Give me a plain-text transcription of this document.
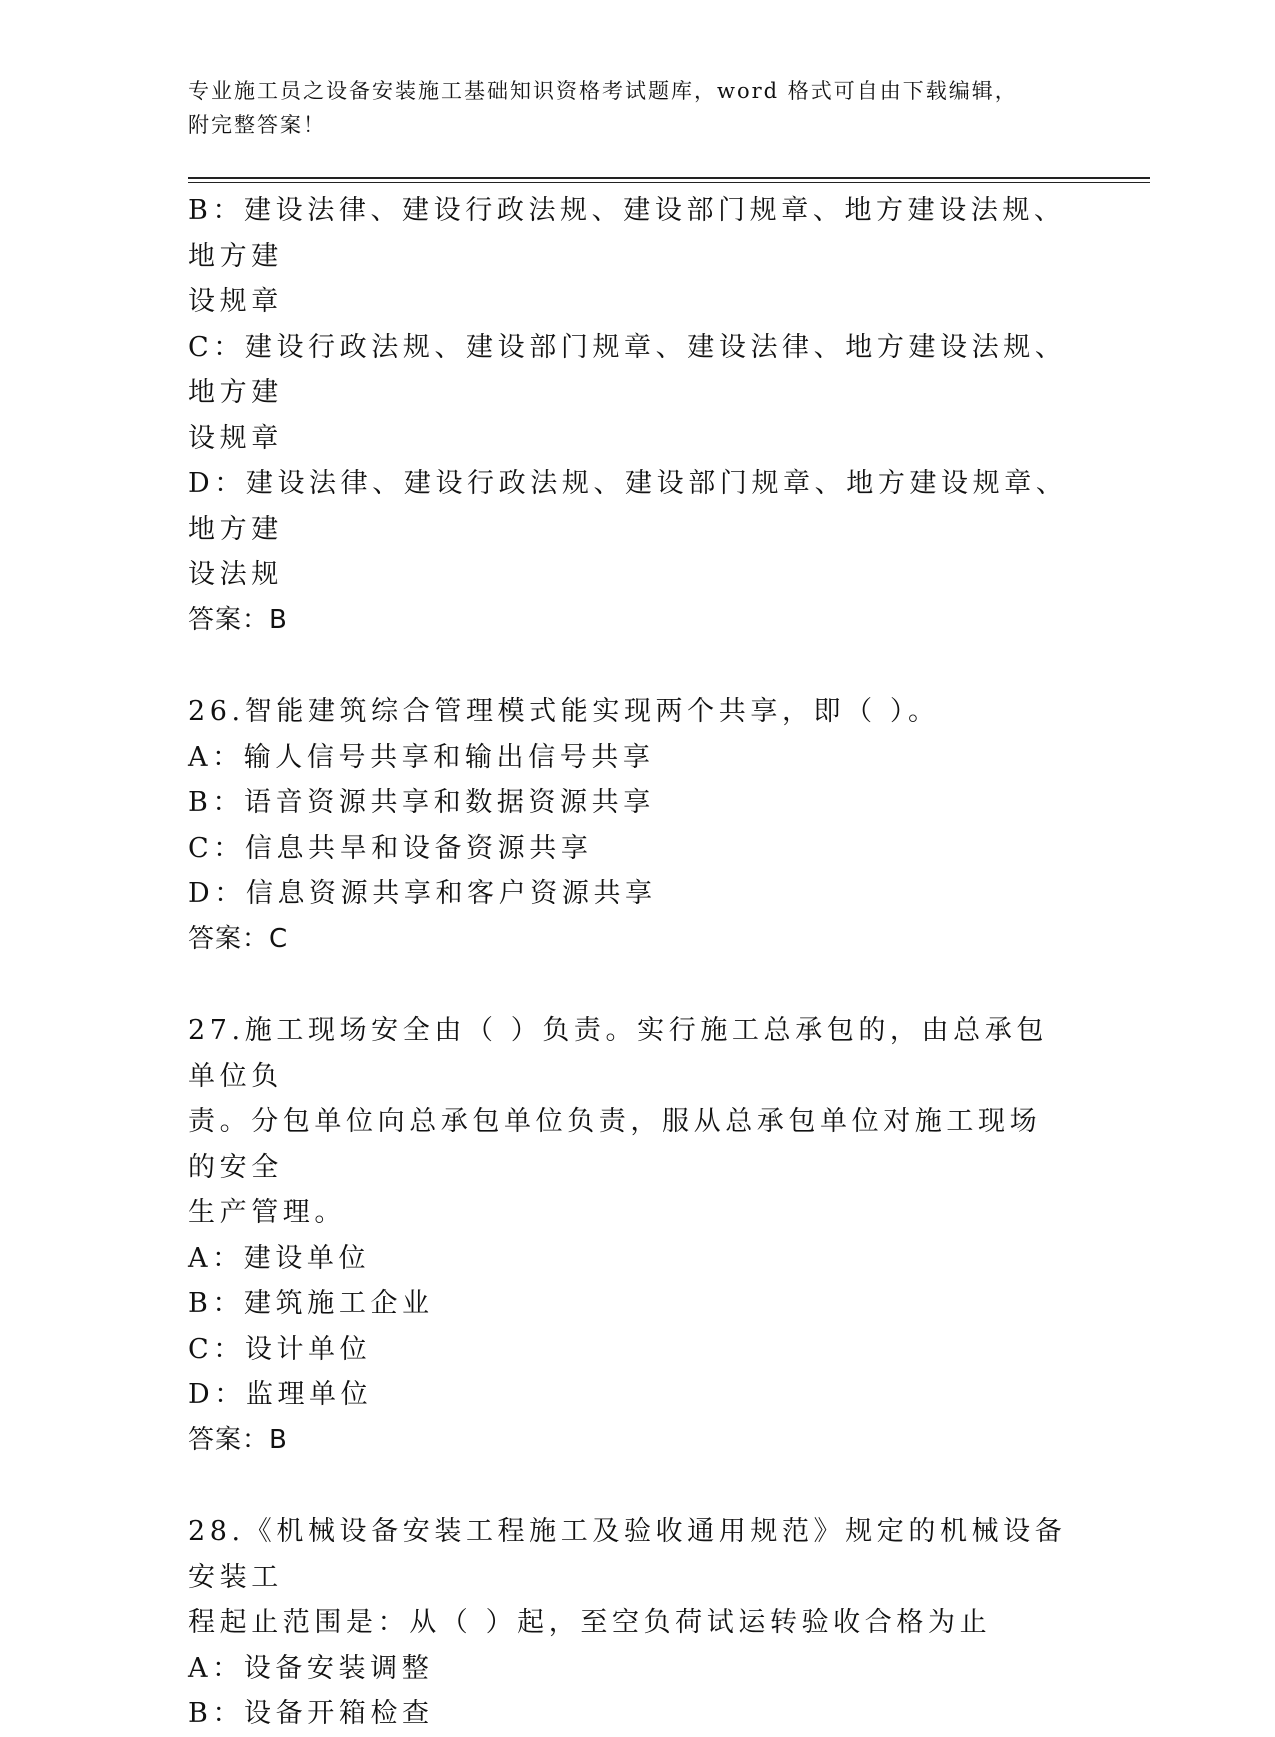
专业施工员之设备安装施工基础知识资格考试题库，word 格式可自由下载编辑，
附完整答案！
B：建设法律、建设行政法规、建设部门规章、地方建设法规、地方建
设规章
C：建设行政法规、建设部门规章、建设法律、地方建设法规、地方建
设规章
D：建设法律、建设行政法规、建设部门规章、地方建设规章、地方建
设法规
答案：B
26.智能建筑综合管理模式能实现两个共享，即（ ）。
A：输人信号共享和输出信号共享
B：语音资源共享和数据资源共享
C：信息共旱和设备资源共享
D：信息资源共享和客户资源共享
答案：C
27.施工现场安全由（ ）负责。实行施工总承包的，由总承包单位负
责。分包单位向总承包单位负责，服从总承包单位对施工现场的安全
生产管理。
A：建设单位
B：建筑施工企业
C：设计单位
D：监理单位
答案：B
28.《机械设备安装工程施工及验收通用规范》规定的机械设备安装工
程起止范围是：从（ ）起，至空负荷试运转验收合格为止
A：设备安装调整
B：设备开箱检查
